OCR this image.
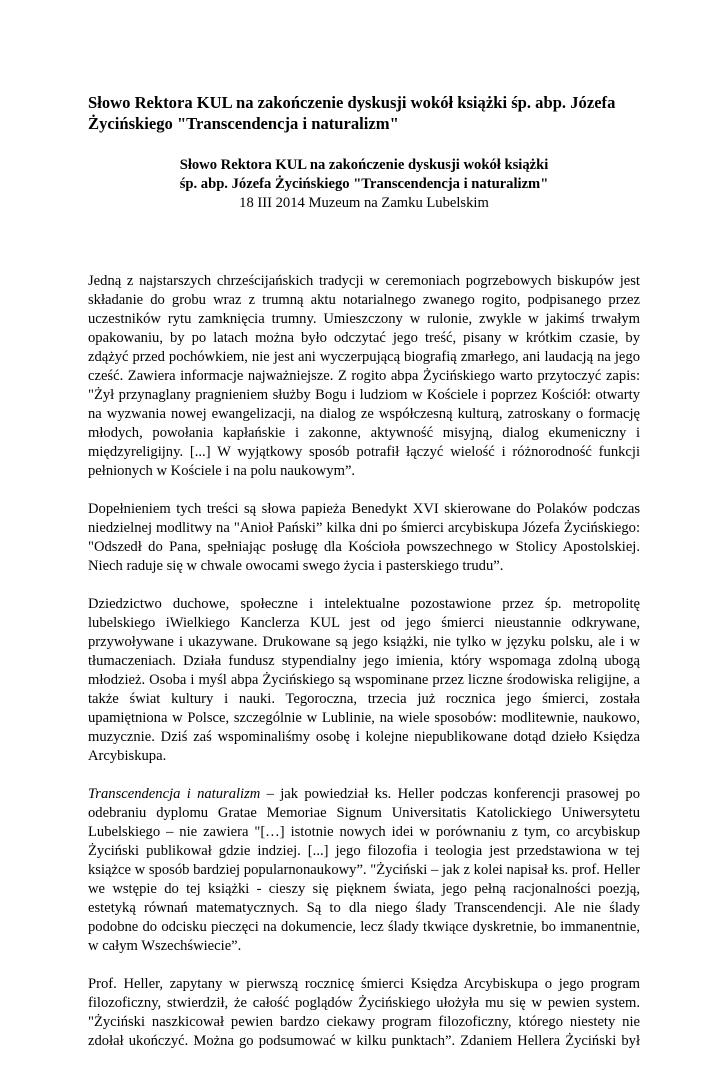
Słowo Rektora KUL na zakończenie dyskusji wokół książki śp. abp. Józefa
Życińskiego "Transcendencja i naturalizm"
Słowo Rektora KUL na zakończenie dyskusji wokół książki
śp. abp. Józefa Życińskiego "Transcendencja i naturalizm"
18 III 2014 Muzeum na Zamku Lubelskim
Jedną z najstarszych chrześcijańskich tradycji w ceremoniach pogrzebowych biskupów jest
składanie do grobu wraz z trumną aktu notarialnego zwanego rogito, podpisanego przez
uczestników rytu zamknięcia trumny. Umieszczony w rulonie, zwykle w jakimś trwałym
opakowaniu, by po latach można było odczytać jego treść, pisany w krótkim czasie, by
zdążyć przed pochówkiem, nie jest ani wyczerpującą biografią zmarłego, ani laudacją na jego
cześć. Zawiera informacje najważniejsze. Z rogito abpa Życińskiego warto przytoczyć zapis:
"Żył przynaglany pragnieniem służby Bogu i ludziom w Kościele i poprzez Kościół: otwarty
na wyzwania nowej ewangelizacji, na dialog ze współczesną kulturą, zatroskany o formację
młodych, powołania kapłańskie i zakonne, aktywność misyjną, dialog ekumeniczny i
międzyreligijny. [...] W wyjątkowy sposób potrafił łączyć wielość i różnorodność funkcji
pełnionych w Kościele i na polu naukowym”.
Dopełnieniem tych treści są słowa papieża Benedykt XVI skierowane do Polaków podczas
niedzielnej modlitwy na "Anioł Pański” kilka dni po śmierci arcybiskupa Józefa Życińskiego:
"Odszedł do Pana, spełniając posługę dla Kościoła powszechnego w Stolicy Apostolskiej.
Niech raduje się w chwale owocami swego życia i pasterskiego trudu”.
Dziedzictwo duchowe, społeczne i intelektualne pozostawione przez śp. metropolitę
lubelskiego iWielkiego Kanclerza KUL jest od jego śmierci nieustannie odkrywane,
przywoływane i ukazywane. Drukowane są jego książki, nie tylko w języku polsku, ale i w
tłumaczeniach. Działa fundusz stypendialny jego imienia, który wspomaga zdolną ubogą
młodzież. Osoba i myśl abpa Życińskiego są wspominane przez liczne środowiska religijne, a
także świat kultury i nauki. Tegoroczna, trzecia już rocznica jego śmierci, została
upamiętniona w Polsce, szczególnie w Lublinie, na wiele sposobów: modlitewnie, naukowo,
muzycznie. Dziś zaś wspominaliśmy osobę i kolejne niepublikowane dotąd dzieło Księdza
Arcybiskupa.
Transcendencja i naturalizm – jak powiedział ks. Heller podczas konferencji prasowej po
odebraniu dyplomu Gratae Memoriae Signum Universitatis Katolickiego Uniwersytetu
Lubelskiego – nie zawiera "[…] istotnie nowych idei w porównaniu z tym, co arcybiskup
Życiński publikował gdzie indziej. [...] jego filozofia i teologia jest przedstawiona w tej
książce w sposób bardziej popularnonaukowy”. "Życiński – jak z kolei napisał ks. prof. Heller
we wstępie do tej książki - cieszy się pięknem świata, jego pełną racjonalności poezją,
estetyką równań matematycznych. Są to dla niego ślady Transcendencji. Ale nie ślady
podobne do odcisku pieczęci na dokumencie, lecz ślady tkwiące dyskretnie, bo immanentnie,
w całym Wszechświecie”.
Prof. Heller, zapytany w pierwszą rocznicę śmierci Księdza Arcybiskupa o jego program
filozoficzny, stwierdził, że całość poglądów Życińskiego ułożyła mu się w pewien system.
"Życiński naszkicował pewien bardzo ciekawy program filozoficzny, którego niestety nie
zdołał ukończyć. Można go podsumować w kilku punktach”. Zdaniem Hellera Życiński był
